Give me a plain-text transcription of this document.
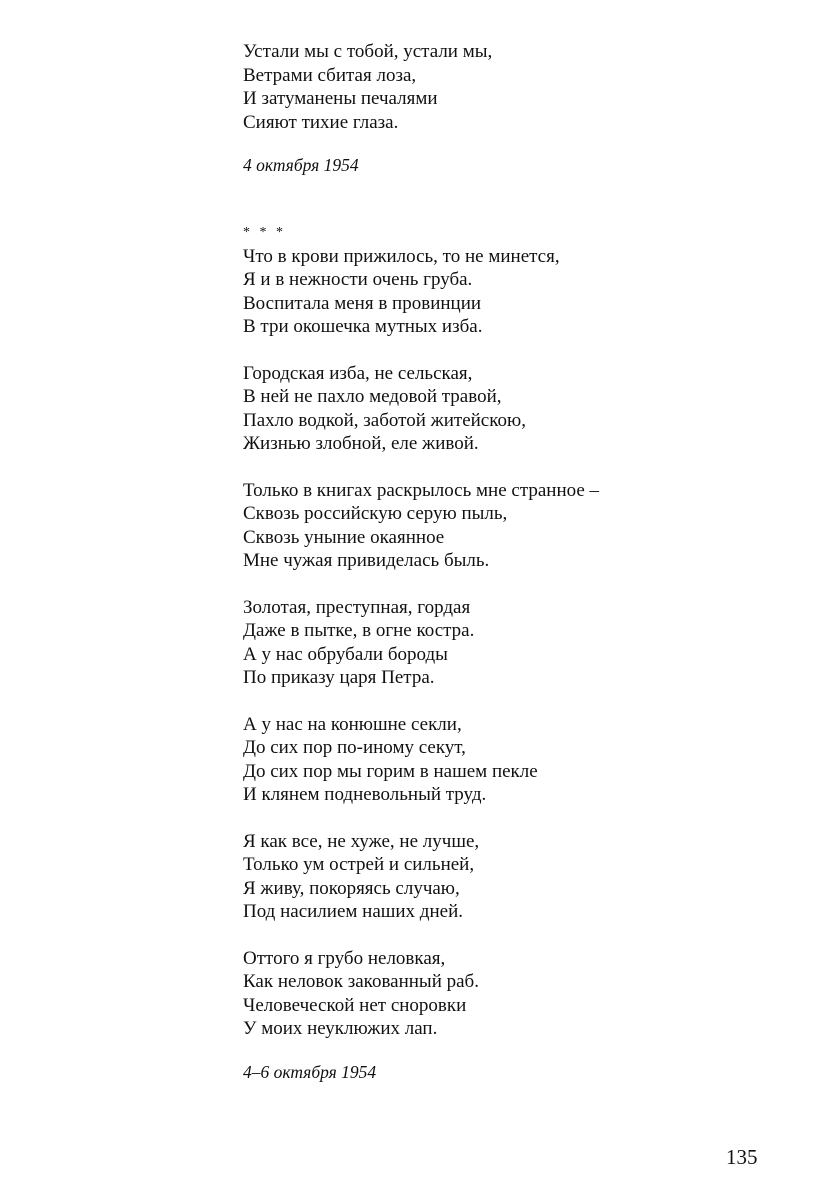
Устали мы с тобой, устали мы,
Ветрами сбитая лоза,
И затуманены печалями
Сияют тихие глаза.
4 октября 1954
* * *
Что в крови прижилось, то не минется,
Я и в нежности очень груба.
Воспитала меня в провинции
В три окошечка мутных изба.
Городская изба, не сельская,
В ней не пахло медовой травой,
Пахло водкой, заботой житейскою,
Жизнью злобной, еле живой.
Только в книгах раскрылось мне странное –
Сквозь российскую серую пыль,
Сквозь уныние окаянное
Мне чужая привиделась быль.
Золотая, преступная, гордая
Даже в пытке, в огне костра.
А у нас обрубали бороды
По приказу царя Петра.
А у нас на конюшне секли,
До сих пор по-иному секут,
До сих пор мы горим в нашем пекле
И клянем подневольный труд.
Я как все, не хуже, не лучше,
Только ум острей и сильней,
Я живу, покоряясь случаю,
Под насилием наших дней.
Оттого я грубо неловкая,
Как неловок закованный раб.
Человеческой нет сноровки
У моих неуклюжих лап.
4–6 октября 1954
135
